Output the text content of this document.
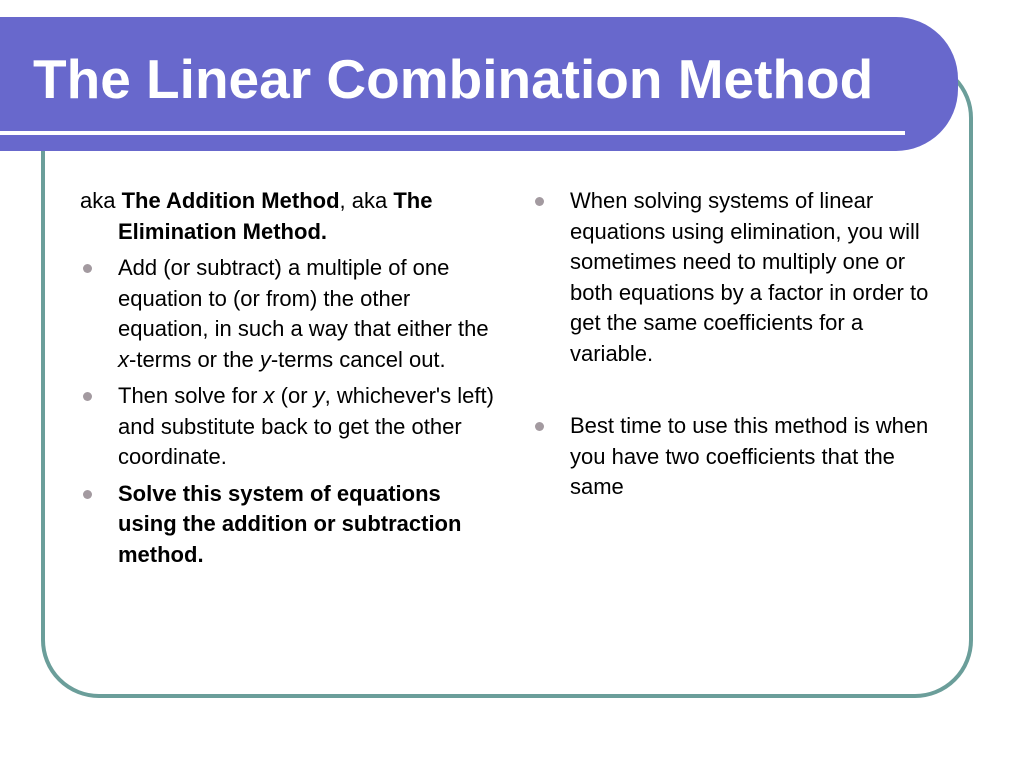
The Linear Combination Method

aka The Addition Method, aka The Elimination Method.

Add (or subtract) a multiple of one equation to (or from) the other equation, in such a way that either the x-terms or the y-terms cancel out.
Then solve for x (or y, whichever's left) and substitute back to get the other coordinate.
Solve this system of equations using the addition or subtraction method.
When solving systems of linear equations using elimination, you will sometimes need to multiply one or both equations by a factor in order to get the same coefficients for a variable.
Best time to use this method is when you have two coefficients that the same
